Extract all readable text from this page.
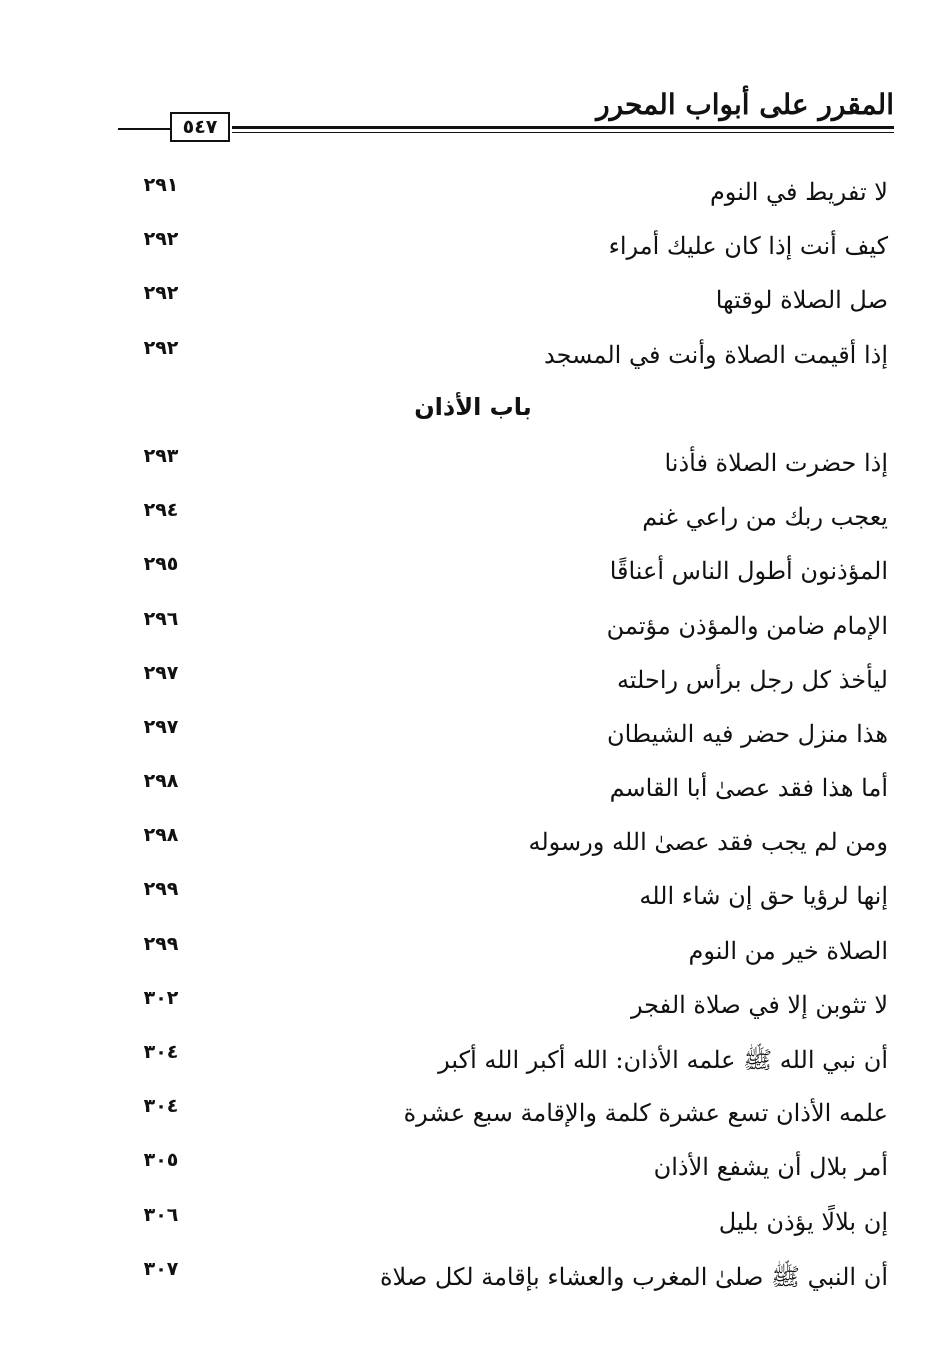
المقرر على أبواب المحرر
٥٤٧
لا تفريط في النوم
٢٩١
كيف أنت إذا كان عليك أمراء
٢٩٢
صل الصلاة لوقتها
٢٩٢
إذا أقيمت الصلاة وأنت في المسجد
٢٩٢
باب الأذان
إذا حضرت الصلاة فأذنا
٢٩٣
يعجب ربك من راعي غنم
٢٩٤
المؤذنون أطول الناس أعناقًا
٢٩٥
الإمام ضامن والمؤذن مؤتمن
٢٩٦
ليأخذ كل رجل برأس راحلته
٢٩٧
هذا منزل حضر فيه الشيطان
٢٩٧
أما هذا فقد عصىٰ أبا القاسم
٢٩٨
ومن لم يجب فقد عصىٰ الله ورسوله
٢٩٨
إنها لرؤيا حق إن شاء الله
٢٩٩
الصلاة خير من النوم
٢٩٩
لا تثوبن إلا في صلاة الفجر
٣٠٢
أن نبي الله ﷺ علمه الأذان: الله أكبر الله أكبر
٣٠٤
علمه الأذان تسع عشرة كلمة والإقامة سبع عشرة
٣٠٤
أمر بلال أن يشفع الأذان
٣٠٥
إن بلالًا يؤذن بليل
٣٠٦
أن النبي ﷺ صلىٰ المغرب والعشاء بإقامة لكل صلاة
٣٠٧
